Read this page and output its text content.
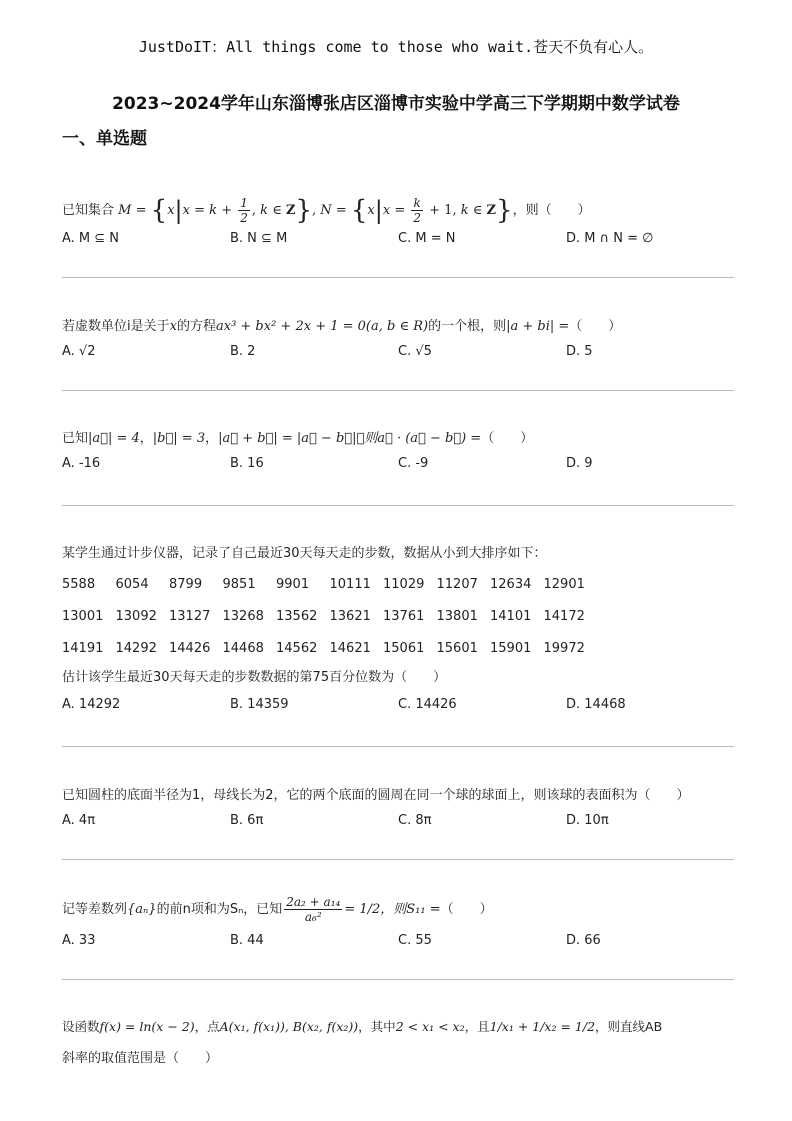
JustDoIT：All things come to those who wait.苍天不负有心人。
2023~2024学年山东淄博张店区淄博市实验中学高三下学期期中数学试卷
一、单选题
已知集合 $M = \{x|x = k + \frac{1}{2}$ , k ∈ Z}, $N = \{x|x = \frac{k}{2} + 1$, k ∈ Z}，则（　　）
A. M ⊆ N	B. N ⊆ M	C. M = N	D. M ∩ N = ∅
若虚数单位i是关于x的方程ax³ + bx² + 2x + 1 = 0(a, b ∈ R)的一个根，则|a + bi| =（　　）
A. √2	B. 2	C. √5	D. 5
已知|a⃗| = 4，|b⃗| = 3，|a⃗ + b⃗| = |a⃗ − b⃗|，则a⃗ · (a⃗ − b⃗) =（　　）
A. -16	B. 16	C. -9	D. 9
某学生通过计步仪器，记录了自己最近30天每天走的步数，数据从小到大排序如下：
5588 6054 8799 9851 9901 10111 11029 11207 12634 12901
13001 13092 13127 13268 13562 13621 13761 13801 14101 14172
14191 14292 14426 14468 14562 14621 15061 15601 15901 19972
估计该学生最近30天每天走的步数数据的第75百分位数为（　　）
A. 14292	B. 14359	C. 14426	D. 14468
已知圆柱的底面半径为1，母线长为2，它的两个底面的圆周在同一个球的球面上，则该球的表面积为（　　）
A. 4π	B. 6π	C. 8π	D. 10π
记等差数列{aₙ}的前n项和为Sₙ，已知 $\frac{\text{2a₂ + a₁₄}}{\text{a₆²}} = 1/2$，则S₁₁ =（　　）
A. 33	B. 44	C. 55	D. 66
设函数f(x) = ln(x − 2)，点A(x₁, f(x₁)), B(x₂, f(x₂))，其中2 < x₁ < x₂，且1/x₁ + 1/x₂ = 1/2，则直线AB
斜率的取值范围是（　　）
